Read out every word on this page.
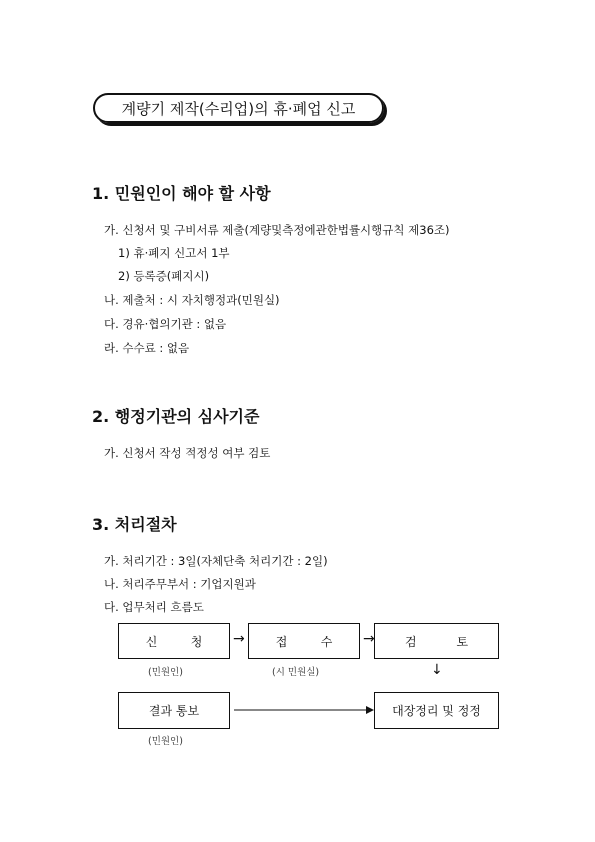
계량기 제작(수리업)의 휴·폐업 신고
1. 민원인이 해야 할 사항
가. 신청서 및 구비서류 제출(계량및측정에관한법률시행규칙 제36조)
1) 휴·폐지 신고서 1부
2) 등록증(폐지시)
나. 제출처 : 시 자치행정과(민원실)
다. 경유·협의기관 : 없음
라. 수수료 : 없음
2. 행정기관의 심사기준
가. 신청서 작성 적정성 여부 검토
3. 처리절차
가. 처리기간 : 3일(자체단축 처리기간 : 2일)
나. 처리주무부서 : 기업지원과
다. 업무처리 흐름도
신	청
(민원인)
→	접	수
(시 민원실)
→	검	토
↓
대장정리 및 정정
결과 통보
(민원인)
